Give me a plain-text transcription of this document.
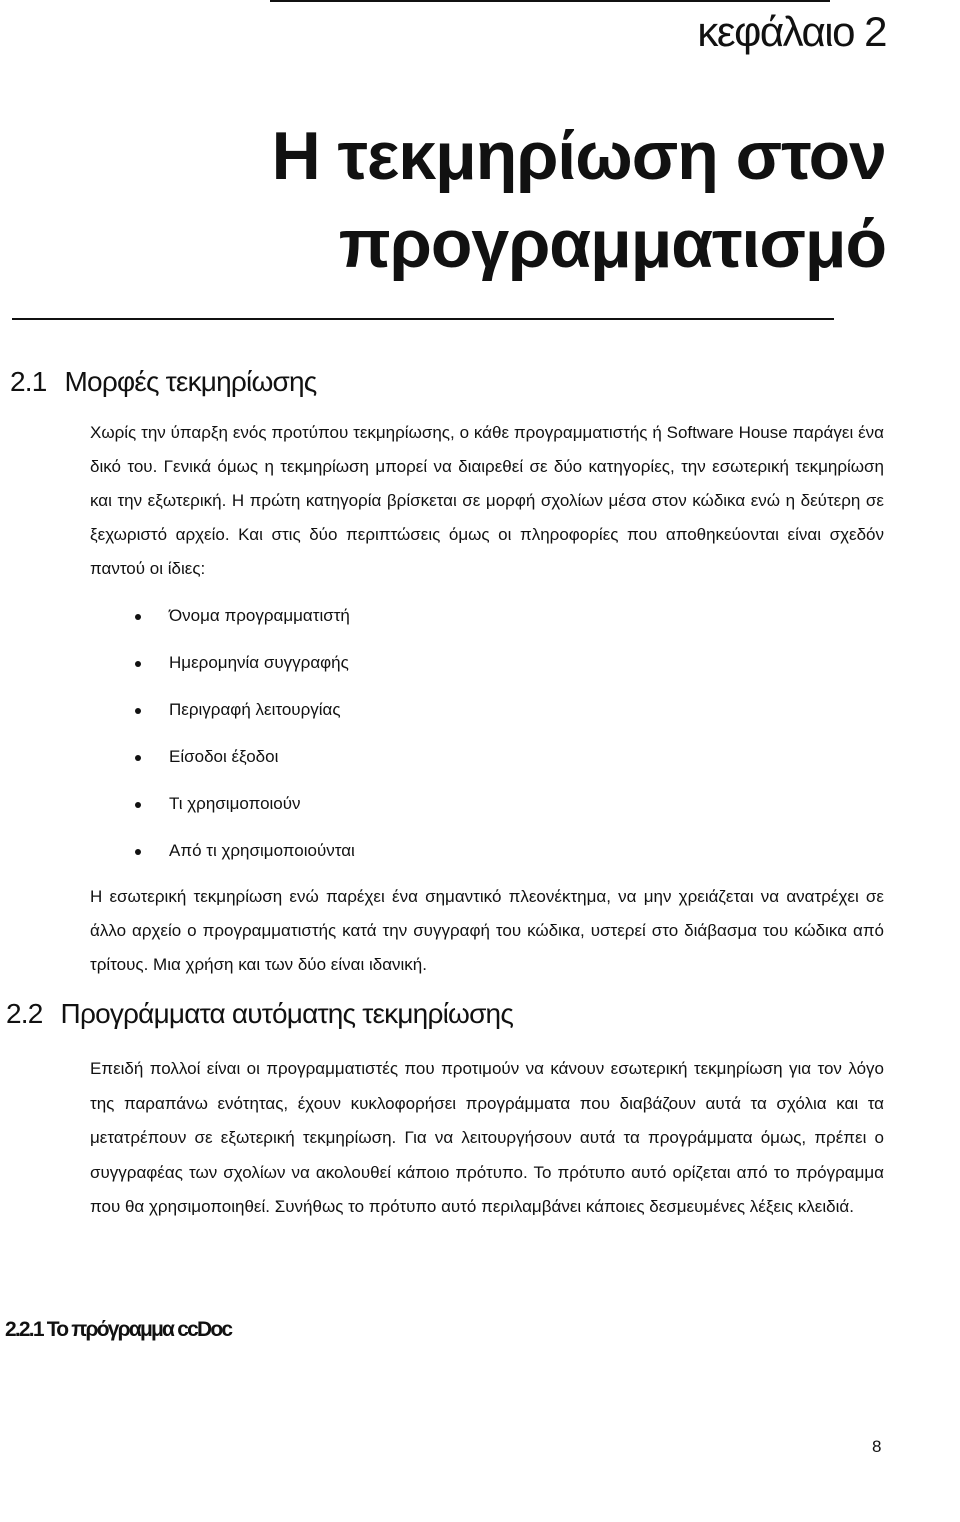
κεφάλαιο 2
Η τεκμηρίωση στον προγραμματισμό
2.1 Μορφές τεκμηρίωσης

Χωρίς την ύπαρξη ενός προτύπου τεκμηρίωσης, ο κάθε προγραμματιστής ή Software House παράγει ένα δικό του. Γενικά όμως η τεκμηρίωση μπορεί να διαιρεθεί σε δύο κατηγορίες, την εσωτερική τεκμηρίωση και την εξωτερική. Η πρώτη κατηγορία βρίσκεται σε μορφή σχολίων μέσα στον κώδικα ενώ η δεύτερη σε ξεχωριστό αρχείο. Και στις δύο περιπτώσεις όμως οι πληροφορίες που αποθηκεύονται είναι σχεδόν παντού οι ίδιες:

Όνομα προγραμματιστή
Ημερομηνία συγγραφής
Περιγραφή λειτουργίας
Είσοδοι έξοδοι
Τι χρησιμοποιούν
Από τι χρησιμοποιούνται

Η εσωτερική τεκμηρίωση ενώ παρέχει ένα σημαντικό πλεονέκτημα, να μην χρειάζεται να ανατρέχει σε άλλο αρχείο ο προγραμματιστής κατά την συγγραφή του κώδικα, υστερεί στο διάβασμα του κώδικα από τρίτους. Μια χρήση και των δύο είναι ιδανική.

2.2 Προγράμματα αυτόματης τεκμηρίωσης

Επειδή πολλοί είναι οι προγραμματιστές που προτιμούν να κάνουν εσωτερική τεκμηρίωση για τον λόγο της παραπάνω ενότητας, έχουν κυκλοφορήσει προγράμματα που διαβάζουν αυτά τα σχόλια και τα μετατρέπουν σε εξωτερική τεκμηρίωση. Για να λειτουργήσουν αυτά τα προγράμματα όμως, πρέπει ο συγγραφέας των σχολίων να ακολουθεί κάποιο πρότυπο. Το πρότυπο αυτό ορίζεται από το πρόγραμμα που θα χρησιμοποιηθεί. Συνήθως το πρότυπο αυτό περιλαμβάνει κάποιες δεσμευμένες λέξεις κλειδιά.

2.2.1 Το πρόγραμμα ccDoc
8
